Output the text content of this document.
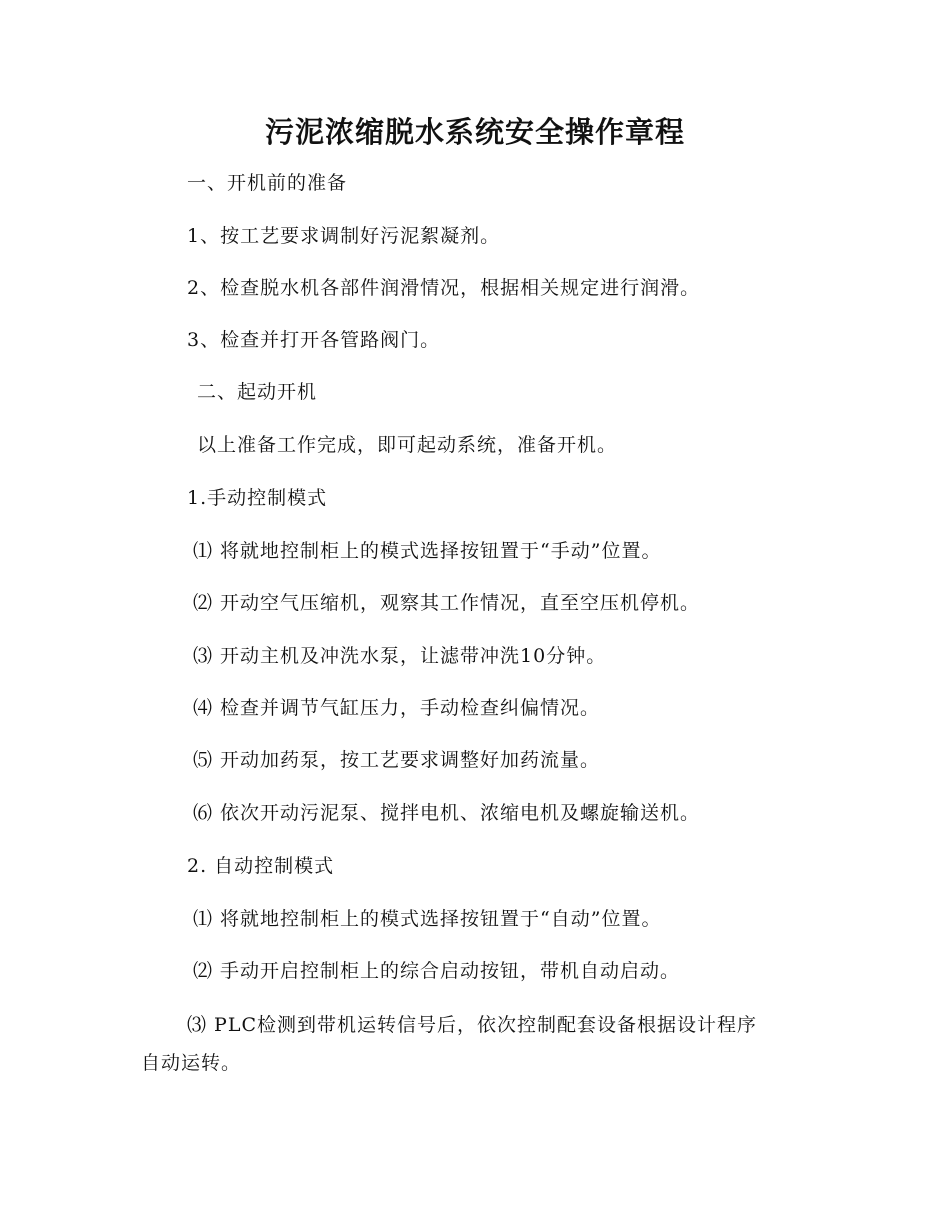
污泥浓缩脱水系统安全操作章程
一、开机前的准备
1、按工艺要求调制好污泥絮凝剂。
2、检查脱水机各部件润滑情况，根据相关规定进行润滑。
3、检查并打开各管路阀门。
二、起动开机
以上准备工作完成，即可起动系统，准备开机。
1.手动控制模式
⑴ 将就地控制柜上的模式选择按钮置于“手动”位置。
⑵ 开动空气压缩机，观察其工作情况，直至空压机停机。
⑶ 开动主机及冲洗水泵，让滤带冲洗10分钟。
⑷ 检查并调节气缸压力，手动检查纠偏情况。
⑸ 开动加药泵，按工艺要求调整好加药流量。
⑹ 依次开动污泥泵、搅拌电机、浓缩电机及螺旋输送机。
2. 自动控制模式
⑴ 将就地控制柜上的模式选择按钮置于“自动”位置。
⑵ 手动开启控制柜上的综合启动按钮，带机自动启动。
⑶ PLC检测到带机运转信号后，依次控制配套设备根据设计程序
自动运转。
